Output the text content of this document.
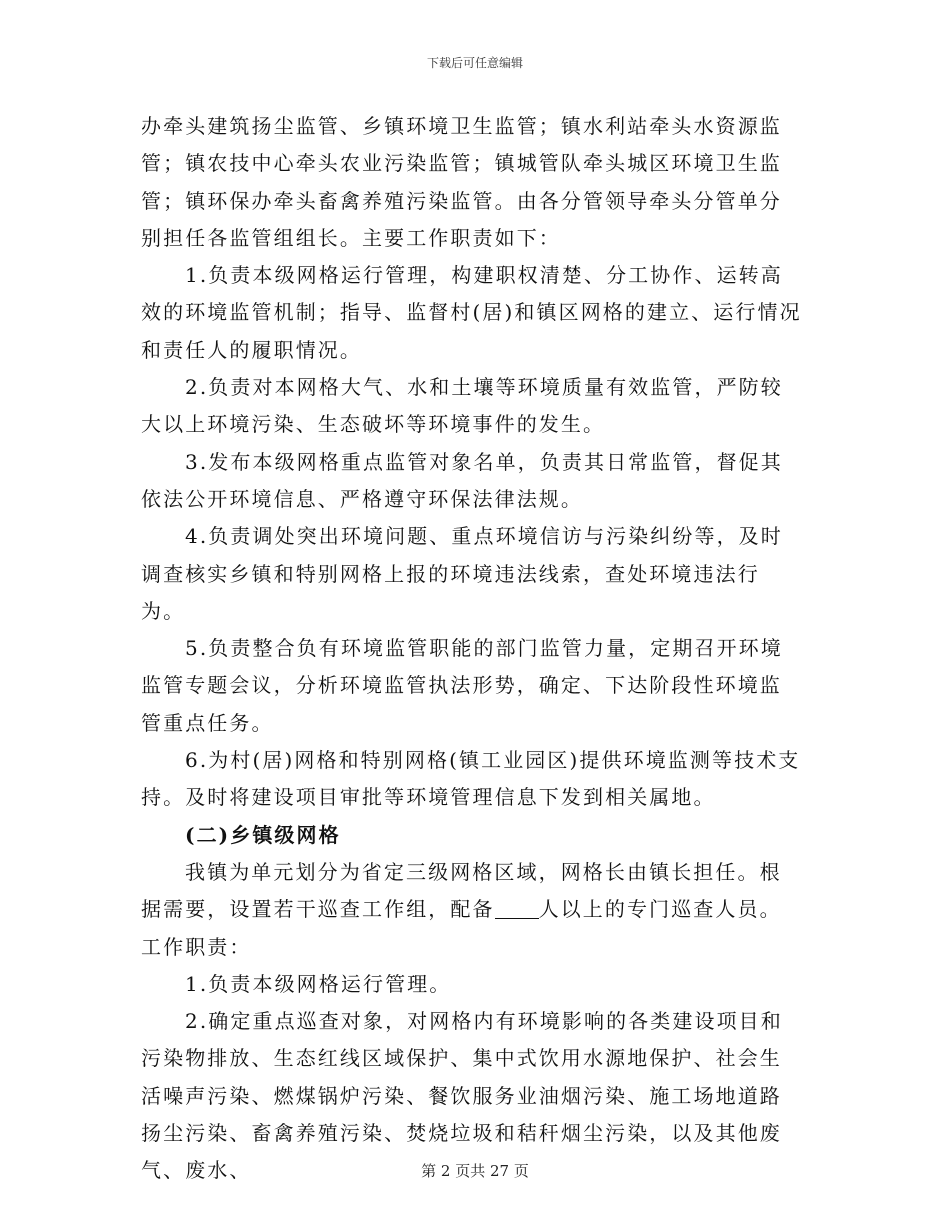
下载后可任意编辑

办牵头建筑扬尘监管、乡镇环境卫生监管；镇水利站牵头水资源监管；镇农技中心牵头农业污染监管；镇城管队牵头城区环境卫生监管；镇环保办牵头畜禽养殖污染监管。由各分管领导牵头分管单分别担任各监管组组长。主要工作职责如下：

1.负责本级网格运行管理，构建职权清楚、分工协作、运转高效的环境监管机制；指导、监督村(居)和镇区网格的建立、运行情况和责任人的履职情况。

2.负责对本网格大气、水和土壤等环境质量有效监管，严防较大以上环境污染、生态破坏等环境事件的发生。

3.发布本级网格重点监管对象名单，负责其日常监管，督促其依法公开环境信息、严格遵守环保法律法规。

4.负责调处突出环境问题、重点环境信访与污染纠纷等，及时调查核实乡镇和特别网格上报的环境违法线索，查处环境违法行为。

5.负责整合负有环境监管职能的部门监管力量，定期召开环境监管专题会议，分析环境监管执法形势，确定、下达阶段性环境监管重点任务。

6.为村(居)网格和特别网格(镇工业园区)提供环境监测等技术支持。及时将建设项目审批等环境管理信息下发到相关属地。

(二)乡镇级网格

我镇为单元划分为省定三级网格区域，网格长由镇长担任。根据需要，设置若干巡查工作组，配备 人以上的专门巡查人员。工作职责：

1.负责本级网格运行管理。

2.确定重点巡查对象，对网格内有环境影响的各类建设项目和污染物排放、生态红线区域保护、集中式饮用水源地保护、社会生活噪声污染、燃煤锅炉污染、餐饮服务业油烟污染、施工场地道路扬尘污染、畜禽养殖污染、焚烧垃圾和秸秆烟尘污染，以及其他废气、废水、	第 2 页共 27 页
